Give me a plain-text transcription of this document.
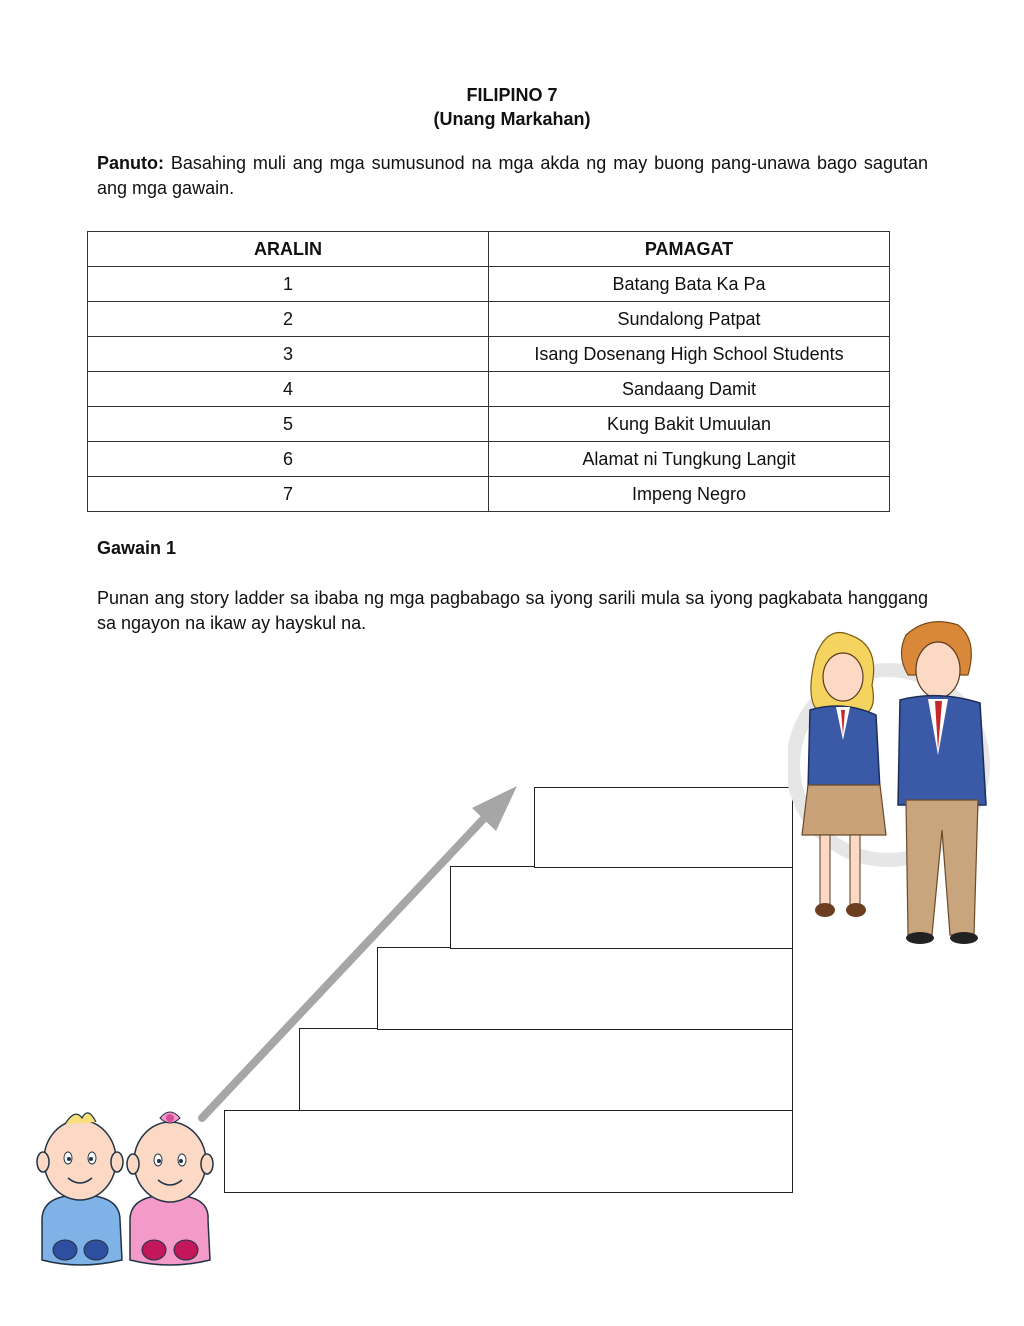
FILIPINO 7
(Unang Markahan)
Panuto: Basahing muli ang mga sumusunod na mga akda ng may buong pang-unawa bago sagutan ang mga gawain.
ARALIN	PAMAGAT
1	Batang Bata Ka Pa
2	Sundalong Patpat
3	Isang Dosenang High School Students
4	Sandaang Damit
5	Kung Bakit Umuulan
6	Alamat ni Tungkung Langit
7	Impeng Negro
Gawain 1
Punan ang story ladder sa ibaba ng mga pagbabago sa iyong sarili mula sa iyong pagkabata hanggang sa ngayon na ikaw ay hayskul na.
